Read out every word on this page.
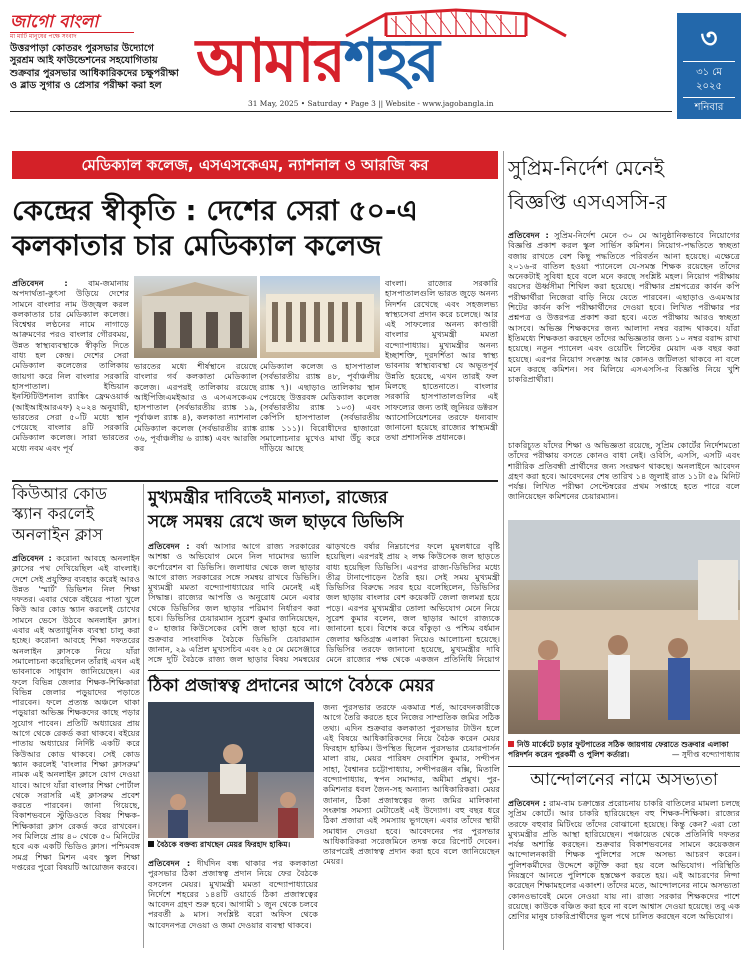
জাগো বাংলা
মা মাটি মানুষের পক্ষে সংবাদ
উত্তরপাড়া কোতরং পুরসভার উদ্যোগে সুরশ্রম আই ফাউন্ডেশনের সহযোগিতায় শুক্রবার পুরসভার আধিকারিকদের চক্ষুপরীক্ষা ও ব্লাড সুগার ও প্রেসার পরীক্ষা করা হল আমারশহর	৩
৩১ মে
২০২৫
শনিবার
31 May, 2025 • Saturday • Page 3 || Website - www.jagobangla.in
মেডিক্যাল কলেজ, এসএসকেএম, ন্যাশনাল ও আরজি কর
কেন্দ্রের স্বীকৃতি : দেশের সেরা ৫০-এ
কলকাতার চার মেডিক্যাল কলেজ
প্রতিবেদন :	বাম-জমানায় অপদার্থতা-কুৎসা উড়িয়ে দেশের সামনে বাংলার নাম উজ্জ্বল করল কলকাতার চার মেডিক্যাল কলেজ। বিশ্বেশ্বর লণ্ঠনের নামে নাগাড়ে আক্রমণের পরও বাংলার গৌরবময়, উন্নত স্বাস্থ্যব্যবস্থাকে স্বীকৃতি দিতে বাধ্য হল কেন্দ্র। দেশের সেরা মেডিক্যাল কলেজের তালিকায় জায়গা করে নিল বাংলার সরকারি হাসপাতাল। ইন্ডিয়ান ইনস্টিটিউশনাল র‍্যাঙ্কিং ফ্রেমওয়ার্ক (আইআইআরএফ) ২০২৪ অনুযায়ী, ভারতের সেরা ৫০টি মধ্যে স্থান পেয়েছে বাংলার ৪টি সরকারি মেডিক্যাল কলেজ। সারা ভারতের মধ্যে নবম এবং পূর্ব
ভারতের মধ্যে শীর্ষস্থানে রয়েছে বাংলার গর্ব কলকাতা মেডিক্যাল কলেজ। এরপরই তালিকায় রয়েছে আইপিজিএমইআর ও এসএসকেএম হাসপাতাল (সর্বভারতীয় র‍্যাঙ্ক ১৯, পূর্বাঞ্চল র‍্যাঙ্ক ৪), কলকাতা ন্যাশনাল মেডিক্যাল কলেজ (সর্বভারতীয় র‍্যাঙ্ক ৩৬, পূর্বাঞ্চলীয় ৬ র‍্যাঙ্ক) এবং আরজি কর
মেডিক্যাল কলেজ ও হাসপাতাল (সর্বভারতীয় র‍্যাঙ্ক ৪৮, পূর্বাঞ্চলীয় র‍্যাঙ্ক ৭)। এছাড়াও তালিকায় স্থান পেয়েছে উত্তরবঙ্গ মেডিক্যাল কলেজ (সর্বভারতীয় র‍্যাঙ্ক ১০৩) এবং কেপিসি হাসপাতাল (সর্বভারতীয় র‍্যাঙ্ক ১১১)। বিরোধীদের হাজারো সমালোচনার মুখেও মাথা উঁচু করে দাঁড়িয়ে আছে
বাংলা। রাজ্যের সরকারি হাসপাতালগুলি ভারত জুড়ে অনন্য নিদর্শন রেখেছে এবং সহজলভ্য স্বাস্থ্যসেবা প্রদান করে চলেছে। আর এই সাফল্যের অনন্য কাণ্ডারী বাংলার মুখ্যমন্ত্রী মমতা বন্দ্যোপাধ্যায়। মুখ্যমন্ত্রীর অনন্য ইচ্ছাশক্তি, দূরদর্শিতা আর স্বাস্থ্য ভাবনায় স্বাস্থ্যব্যবস্থা যে অভূতপূর্ব উন্নতি হয়েছে, এখন তারই ফল মিলছে হাতেনাতে। বাংলার সরকারি হাসপাতালগুলির এই সাফল্যের জন্য তাই জুনিয়র ডক্টরস অ্যাসোসিয়েশনের তরফে ধন্যবাদ জানানো হয়েছে রাজ্যের স্বাস্থ্যমন্ত্রী তথা প্রশাসনিক প্রধানকে।
কিউআর কোড
স্ক্যান করলেই
অনলাইন ক্লাস
প্রতিবেদন : করোনা আবহে অনলাইন ক্লাসের পথ দেখিয়েছিল এই বাংলাই। দেশে সেই প্রযুক্তির ব্যবহার করেই আরও উন্নত 'স্মার্ট' ডিভিশন নিল শিক্ষা দফতর। এবার থেকে বইয়ের পাতা খুলে কিউ আর কোড স্ক্যান করলেই চোখের সামনে ভেসে উঠবে অনলাইন ক্লাস। এবার এই অত্যাধুনিক ব্যবস্থা চালু করা হচ্ছে। করোনা আবহে শিক্ষা দফতরের অনলাইন ক্লাসকে নিয়ে যাঁরা সমালোচনা করেছিলেন তাঁরাই এখন এই ভাবনাকে সাধুবাদ জানিয়েছেন। এর ফলে বিভিন্ন জেলার শিক্ষক-শিক্ষিকারা বিভিন্ন জেলার পড়ুয়াদের পড়াতে পারবেন। ফলে প্রত্যন্ত অঞ্চলে থাকা পড়ুয়ারা অভিজ্ঞ শিক্ষকদের কাছে পড়ার সুযোগ পাবেন। প্রতিটি অধ্যায়ের প্রায় আগে থেকে রেকর্ড করা থাকবে। বইয়ের পাতায় অধ্যায়ের নির্দিষ্ট একটি করে কিউআর কোড থাকবে। সেই কোড স্ক্যান করলেই 'বাংলার শিক্ষা ক্লাসরুম' নামক এই অনলাইন ক্লাসে যোগ দেওয়া যাবে। আগে যাঁরা বাংলার শিক্ষা পোর্টাল থেকে সরাসরি এই ক্লাসরুম প্রবেশ করতে পারবেন। জানা গিয়েছে, বিকাশভবনে স্টুডিওতে বিষয় শিক্ষক-শিক্ষিকারা ক্লাস রেকর্ড করে রাখবেন। সব মিলিয়ে প্রায় ৪০ থেকে ৫০ মিনিটের হবে এক একটি ভিডিও ক্লাস। পশ্চিমবঙ্গ সমগ্র শিক্ষা মিশন এবং স্কুল শিক্ষা দপ্তরের পুরো বিষয়টি আয়োজন করবে।
মুখ্যমন্ত্রীর দাবিতেই মান্যতা, রাজ্যের
সঙ্গে সমন্বয় রেখে জল ছাড়বে ডিভিসি
প্রতিবেদন : বর্ষা আসার আগে রাজ্য সরকারের আশঙ্কা ও অভিযোগ মেনে নিল দামোদর ভ্যালি কর্পোরেশন বা ডিভিসি। জলাধার থেকে জল ছাড়ার আগে রাজ্য সরকারের সঙ্গে সমন্বয় রাখবে ডিভিসি। মুখ্যমন্ত্রী মমতা বন্দ্যোপাধ্যায়ের দাবি মেনেই এই সিদ্ধান্ত। রাজ্যের আপত্তি ও অনুরোধ মেনে এবার থেকে ডিভিসির জল ছাড়ার পরিমাণ নির্ধারণ করা হবে। ডিভিসির চেয়ারম্যান সুরেশ কুমার জানিয়েছেন, ৫০ হাজার কিউসেকের বেশি জল ছাড়া হবে না। শুক্রবার সাংবাদিক বৈঠকে ডিভিসি চেয়ারম্যান জানান, ২৯ এপ্রিল মুখ্যসচিব এবং ২৫ মে মেসেঞ্জারে সঙ্গে দুটি বৈঠকে রাজ্য জল ছাড়ার বিষয় সমন্বয়ের
ঝাড়খণ্ডে বর্ষার নিম্নচাপের ফলে মুষলধারে বৃষ্টি হয়েছিল। এরপরই প্রায় ২ লক্ষ কিউসেক জল ছাড়তে বাধ্য হয়েছিল ডিভিসি। এরপর রাজ্য-ডিভিসির মধ্যে তীব্র টানাপোড়েন তৈরি হয়। সেই সময় মুখ্যমন্ত্রী ডিভিসির বিরুদ্ধে সরব হয়ে বলেছিলেন, ডিভিসির জল ছাড়ায় বাংলার বেশ কয়েকটি জেলা জলমগ্ন হয়ে পড়ে। এরপর মুখ্যমন্ত্রীর তোলা অভিযোগ মেনে নিয়ে সুরেশ কুমার বলেন, জল ছাড়ার আগে রাজ্যকে জানানো হবে। বিশেষ করে বাঁকুড়া ও পশ্চিম বর্ধমান জেলার ক্ষতিগ্রস্ত এলাকা নিয়েও আলোচনা হয়েছে। ডিভিসির তরফে জানানো হয়েছে, মুখ্যমন্ত্রীর দাবি মেনে রাজ্যের পক্ষ থেকে একজন প্রতিনিধি নিয়োগ
ঠিকা প্রজাস্বত্ব প্রদানের আগে বৈঠকে মেয়র
বৈঠকে বক্তব্য রাখছেন মেয়র ফিরহাদ হাকিম।
প্রতিবেদন : দীর্ঘদিন বন্ধ থাকার পর কলকাতা পুরসভার ঠিকা প্রজাস্বত্ব প্রদান নিয়ে ফের বৈঠকে বসলেন মেয়র। মুখ্যমন্ত্রী মমতা বন্দ্যোপাধ্যায়ের নির্দেশে শহরের ১৪৪টি ওয়ার্ডে ঠিকা প্রজাস্বত্বের আবেদন গ্রহণ শুরু হবে। আগামী ১ জুন থেকে চলবে পরবর্তী ৯ মাস। সংশ্লিষ্ট বরো অফিস থেকে আবেদনপত্র দেওয়া ও জমা দেওয়ার ব্যবস্থা থাকবে।
জন্য পুরসভার তরফে একমাত্র শর্ত, আবেদনকারীকে আগে তৈরি করতে হবে নিজের সাম্প্রতিক জমির সঠিক তথ্য। এদিন শুক্রবার কলকাতা পুরসভার টাউন হলে এই বিষয়ে আধিকারিকদের নিয়ে বৈঠক করেন মেয়র ফিরহাদ হাকিম। উপস্থিত ছিলেন পুরসভার চেয়ারপার্সন মালা রায়, মেয়র পারিষদ দেবাশিস কুমার, সন্দীপন সাহা, বৈশ্বানর চট্টোপাধ্যায়, সন্দীপরঞ্জন বক্সি, মিতালি বন্দ্যোপাধ্যায়, স্বপন সমাদ্দার, অমীমা প্রমুখ। পুর-কমিশনার ধবল জৈন-সহ অন্যান্য আধিকারিকরা। মেয়র জানান, ঠিকা প্রজাস্বত্বের জন্য জমির মালিকানা সংক্রান্ত সমস্যা মেটাতেই এই উদ্যোগ। বহু বছর ধরে ঠিকা প্রজারা এই সমস্যায় ভুগছেন। এবার তাঁদের স্থায়ী সমাধান দেওয়া হবে। আবেদনের পর পুরসভার আধিকারিকরা সরেজমিনে তদন্ত করে রিপোর্ট দেবেন। তারপরেই প্রজাস্বত্ব প্রদান করা হবে বলে জানিয়েছেন মেয়র।
সুপ্রিম-নির্দেশ মেনেই
বিজ্ঞপ্তি এসএসসি-র
প্রতিবেদন : সুপ্রিম-নির্দেশ মেনে ৩০ মে আনুষ্ঠানিকভাবে নিয়োগের বিজ্ঞপ্তি প্রকাশ করল স্কুল সার্ভিস কমিশন। নিয়োগ-পদ্ধতিতে স্বচ্ছতা বজায় রাখতে বেশ কিছু পদ্ধতিতে পরিবর্তন আনা হয়েছে। এক্ষেত্রে ২০১৬-র বাতিল হওয়া প্যানেলে যে-সমস্ত শিক্ষক রয়েছেন তাঁদের অনেকটাই সুবিধা হবে বলে মনে করছে সংশ্লিষ্ট মহল। নিয়োগ পরীক্ষায় বয়সের ঊর্ধ্বসীমা শিথিল করা হয়েছে। পরীক্ষার প্রশ্নপত্রের কার্বন কপি পরীক্ষার্থীরা নিজেরা বাড়ি নিয়ে যেতে পারবেন। এছাড়াও ওএমআর শিটের কার্বন কপি পরীক্ষার্থীদের দেওয়া হবে। লিখিত পরীক্ষার পর প্রশ্নপত্র ও উত্তরপত্র প্রকাশ করা হবে। এতে পরীক্ষায় আরও স্বচ্ছতা আসবে। অভিজ্ঞ শিক্ষকদের জন্য আলাদা নম্বর বরাদ্দ থাকবে। যাঁরা ইতিমধ্যে শিক্ষকতা করছেন তাঁদের অভিজ্ঞতার জন্য ১০ নম্বর বরাদ্দ রাখা হয়েছে। নতুন প্যানেল এবং ওয়েটিং লিস্টের মেয়াদ এক বছর করা হয়েছে। এরপর নিয়োগ সংক্রান্ত আর কোনও জটিলতা থাকবে না বলে মনে করছে কমিশন। সব মিলিয়ে এসএসসি-র বিজ্ঞপ্তি নিয়ে খুশি চাকরিপ্রার্থীরা।
চাকরিচ্যুত যাঁদের শিক্ষা ও অভিজ্ঞতা রয়েছে, সুপ্রিম কোর্টের নির্দেশমতো তাঁদের পরীক্ষায় বসতে কোনও বাধা নেই। ওবিসি, এসসি, এসটি এবং শারীরিক প্রতিবন্ধী প্রার্থীদের জন্য সংরক্ষণ থাকছে। অনলাইনে আবেদন গ্রহণ করা হবে। আবেদনের শেষ তারিখ ১৪ জুলাই রাত ১১টা ৫৯ মিনিট পর্যন্ত। লিখিত পরীক্ষা সেপ্টেম্বরের প্রথম সপ্তাহে হতে পারে বলে জানিয়েছেন কমিশনের চেয়ারম্যান।
নিউ মার্কেটে চড়ার ফুটপাতের সঠিক জায়গায় ফেরাতে শুক্রবার এলাকা পরিদর্শন করেন পুরকর্মী ও পুলিশ কর্তারা।	— সুদীপ্ত বন্দ্যোপাধ্যায়
আন্দোলনের নামে অসভ্যতা
প্রতিবেদন : রাম-বাম চক্রান্তের প্ররোচনায় চাকরি বাতিলের মামলা চলছে সুপ্রিম কোর্টে। আর চাকরি হারিয়েছেন বহু শিক্ষক-শিক্ষিকা। রাজ্যের তরফে বহুবার মিটিংয়ে তাঁদের বোঝানো হয়েছে। কিন্তু কেন? এরা তো মুখ্যমন্ত্রীর প্রতি আস্থা হারিয়েছেন। পঞ্চায়েত থেকে প্রতিনিধি দফতর পর্যন্ত অশান্তি করছেন। শুক্রবার বিকাশভবনের সামনে কয়েকজন আন্দোলনকারী শিক্ষক পুলিশের সঙ্গে অসভ্য আচরণ করেন। পুলিশকর্মীদের উদ্দেশে কটূক্তি করা হয় বলে অভিযোগ। পরিস্থিতি নিয়ন্ত্রণে আনতে পুলিশকে হস্তক্ষেপ করতে হয়। এই আচরণের নিন্দা করেছেন শিক্ষামহলের একাংশ। তাঁদের মতে, আন্দোলনের নামে অসভ্যতা কোনওভাবেই মেনে নেওয়া যায় না। রাজ্য সরকার শিক্ষকদের পাশে রয়েছে। কাউকে বঞ্চিত করা হবে না বলে আশ্বাস দেওয়া হয়েছে। তবু এক শ্রেণির মানুষ চাকরিপ্রার্থীদের ভুল পথে চালিত করছেন বলে অভিযোগ।
